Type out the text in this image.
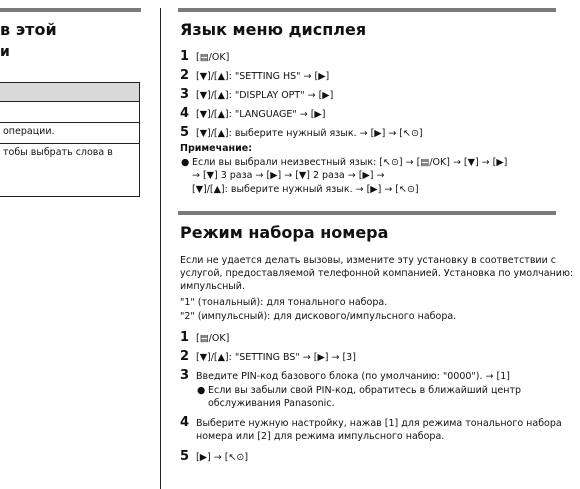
в этой
и
операции.
тобы выбрать слова в
Язык меню дисплея
1 [▤/OK]
2 [▼]/[▲]: "SETTING HS" → [▶]
3 [▼]/[▲]: "DISPLAY OPT" → [▶]
4 [▼]/[▲]: "LANGUAGE" → [▶]
5 [▼]/[▲]: выберите нужный язык. → [▶] → [↖⊙]
Примечание:
● Если вы выбрали неизвестный язык: [↖⊙] → [▤/OK] → [▼] → [▶]
→ [▼] 3 раза → [▶] → [▼] 2 раза → [▶] →
[▼]/[▲]: выберите нужный язык. → [▶] → [↖⊙]
Режим набора номера
Если не удается делать вызовы, измените эту установку в соответствии с
услугой, предоставляемой телефонной компанией. Установка по умолчанию:
импульсный.
"1" (тональный): для тонального набора.
"2" (импульсный): для дискового/импульсного набора.
1 [▤/OK]
2 [▼]/[▲]: "SETTING BS" → [▶] → [3]
3 Введите PIN-код базового блока (по умолчанию: "0000"). → [1]
● Если вы забыли свой PIN-код, обратитесь в ближайший центр
обслуживания Panasonic.
4 Выберите нужную настройку, нажав [1] для режима тонального набора
номера или [2] для режима импульсного набора.
5 [▶] → [↖⊙]
